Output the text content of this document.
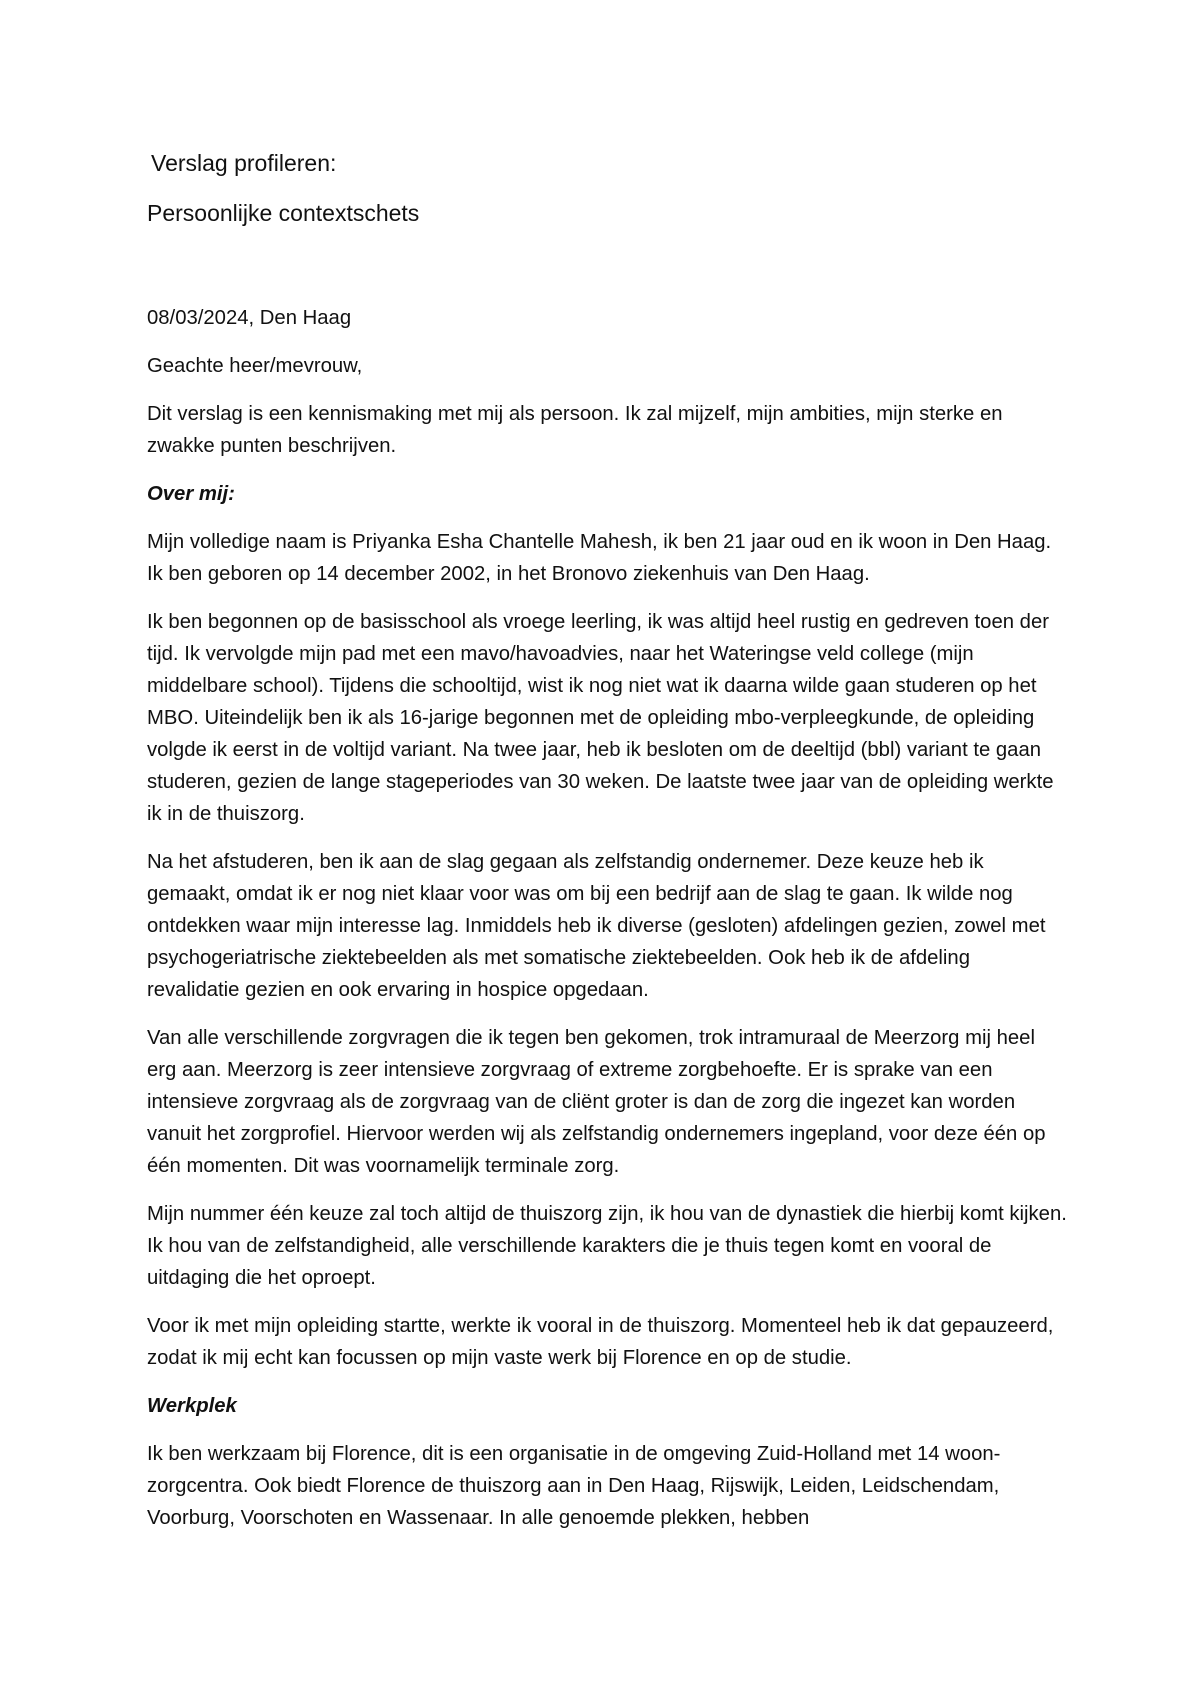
Verslag profileren:
Persoonlijke contextschets

08/03/2024, Den Haag

Geachte heer/mevrouw,

Dit verslag is een kennismaking met mij als persoon. Ik zal mijzelf, mijn ambities, mijn sterke en zwakke punten beschrijven.

Over mij:

Mijn volledige naam is Priyanka Esha Chantelle Mahesh, ik ben 21 jaar oud en ik woon in Den Haag. Ik ben geboren op 14 december 2002, in het Bronovo ziekenhuis van Den Haag.

Ik ben begonnen op de basisschool als vroege leerling, ik was altijd heel rustig en gedreven toen der tijd. Ik vervolgde mijn pad met een mavo/havoadvies, naar het Wateringse veld college (mijn middelbare school). Tijdens die schooltijd, wist ik nog niet wat ik daarna wilde gaan studeren op het MBO. Uiteindelijk ben ik als 16-jarige begonnen met de opleiding mbo-verpleegkunde, de opleiding volgde ik eerst in de voltijd variant. Na twee jaar, heb ik besloten om de deeltijd (bbl) variant te gaan studeren, gezien de lange stageperiodes van 30 weken. De laatste twee jaar van de opleiding werkte ik in de thuiszorg.

Na het afstuderen, ben ik aan de slag gegaan als zelfstandig ondernemer. Deze keuze heb ik gemaakt, omdat ik er nog niet klaar voor was om bij een bedrijf aan de slag te gaan. Ik wilde nog ontdekken waar mijn interesse lag. Inmiddels heb ik diverse (gesloten) afdelingen gezien, zowel met psychogeriatrische ziektebeelden als met somatische ziektebeelden. Ook heb ik de afdeling revalidatie gezien en ook ervaring in hospice opgedaan.

Van alle verschillende zorgvragen die ik tegen ben gekomen, trok intramuraal de Meerzorg mij heel erg aan. Meerzorg is zeer intensieve zorgvraag of extreme zorgbehoefte. Er is sprake van een intensieve zorgvraag als de zorgvraag van de cliënt groter is dan de zorg die ingezet kan worden vanuit het zorgprofiel. Hiervoor werden wij als zelfstandig ondernemers ingepland, voor deze één op één momenten. Dit was voornamelijk terminale zorg.

Mijn nummer één keuze zal toch altijd de thuiszorg zijn, ik hou van de dynastiek die hierbij komt kijken. Ik hou van de zelfstandigheid, alle verschillende karakters die je thuis tegen komt en vooral de uitdaging die het oproept.

Voor ik met mijn opleiding startte, werkte ik vooral in de thuiszorg. Momenteel heb ik dat gepauzeerd, zodat ik mij echt kan focussen op mijn vaste werk bij Florence en op de studie.

Werkplek

Ik ben werkzaam bij Florence, dit is een organisatie in de omgeving Zuid-Holland met 14 woon-zorgcentra. Ook biedt Florence de thuiszorg aan in Den Haag, Rijswijk, Leiden, Leidschendam, Voorburg, Voorschoten en Wassenaar. In alle genoemde plekken, hebben
